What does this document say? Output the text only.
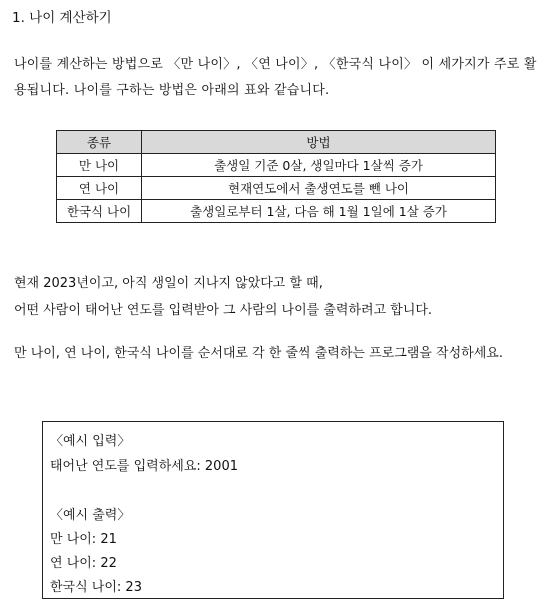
1. 나이 계산하기
나이를 계산하는 방법으로 〈만 나이〉, 〈연 나이〉, 〈한국식 나이〉 이 세가지가 주로 활용됩니다. 나이를 구하는 방법은 아래의 표와 같습니다.
종류	방법
만 나이	출생일 기준 0살, 생일마다 1살씩 증가
연 나이	현재연도에서 출생연도를 뺀 나이
한국식 나이	출생일로부터 1살, 다음 해 1월 1일에 1살 증가
현재 2023년이고, 아직 생일이 지나지 않았다고 할 때,
어떤 사람이 태어난 연도를 입력받아 그 사람의 나이를 출력하려고 합니다.
만 나이, 연 나이, 한국식 나이를 순서대로 각 한 줄씩 출력하는 프로그램을 작성하세요.
〈예시 입력〉
태어난 연도를 입력하세요: 2001
〈예시 출력〉
만 나이: 21
연 나이: 22
한국식 나이: 23
